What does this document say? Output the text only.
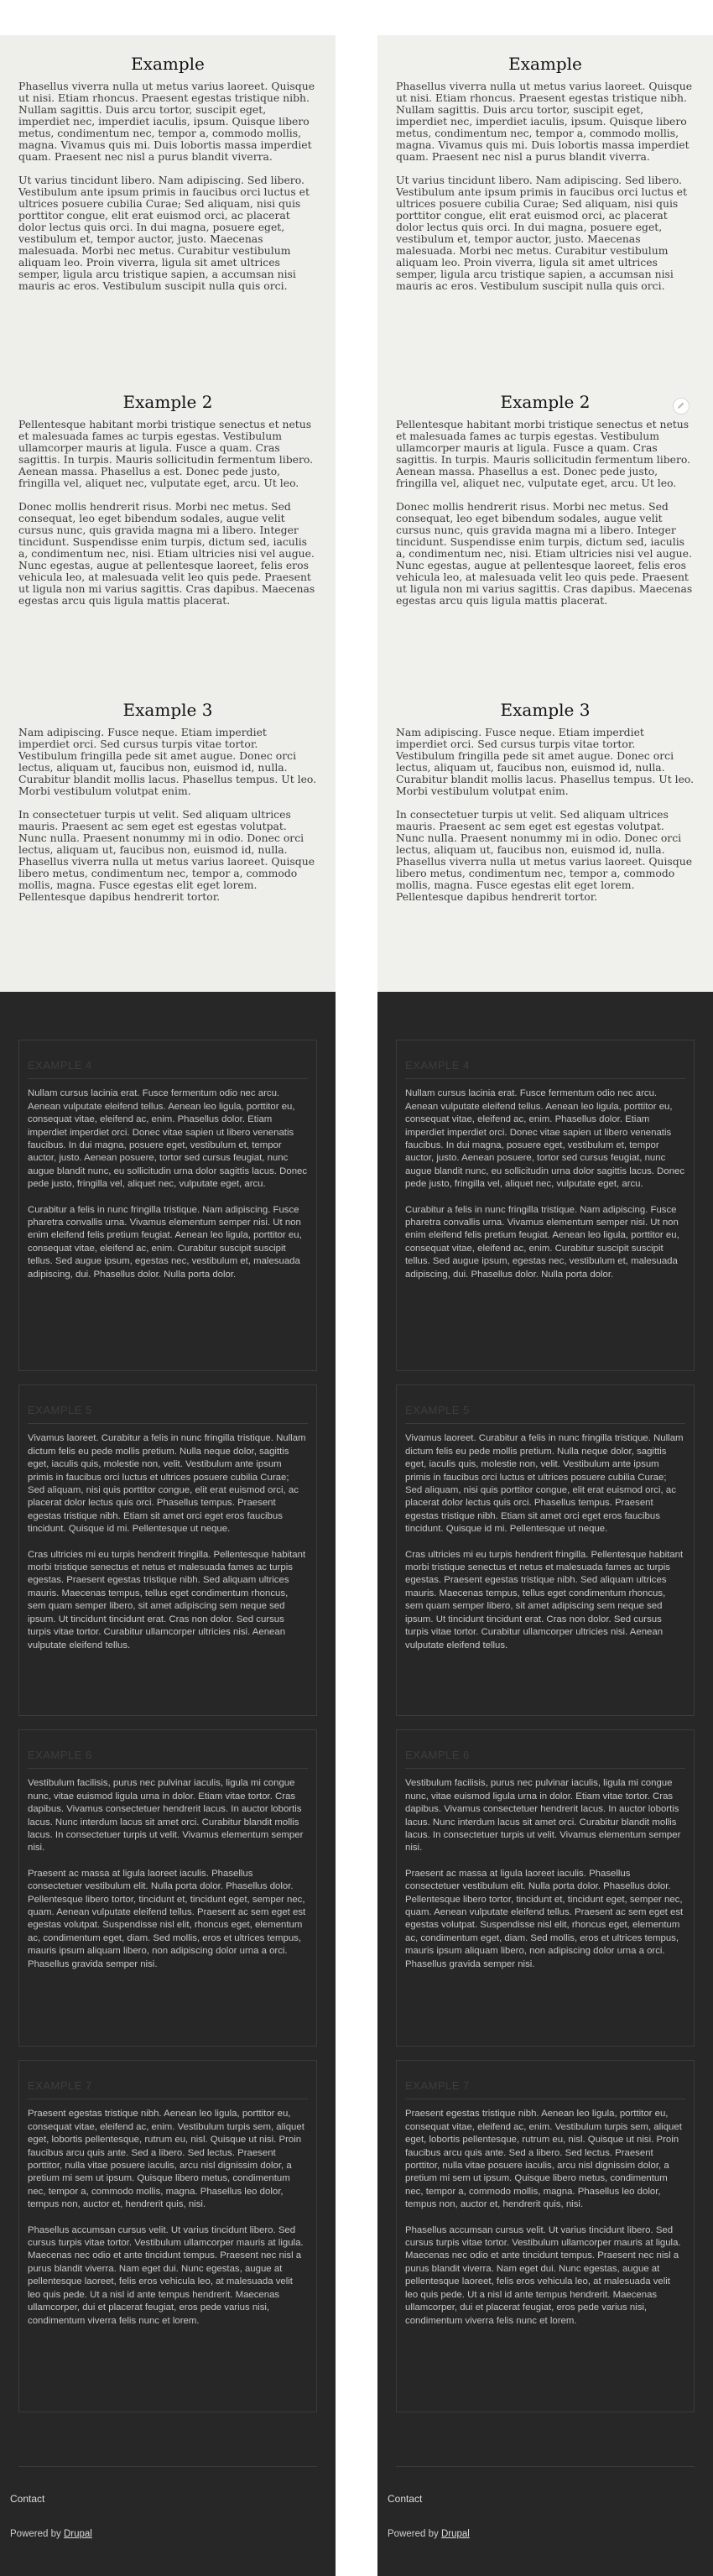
Example

Phasellus viverra nulla ut metus varius laoreet. Quisque ut nisi. Etiam rhoncus. Praesent egestas tristique nibh. Nullam sagittis. Duis arcu tortor, suscipit eget, imperdiet nec, imperdiet iaculis, ipsum. Quisque libero metus, condimentum nec, tempor a, commodo mollis, magna. Vivamus quis mi. Duis lobortis massa imperdiet quam. Praesent nec nisl a purus blandit viverra.

Ut varius tincidunt libero. Nam adipiscing. Sed libero. Vestibulum ante ipsum primis in faucibus orci luctus et ultrices posuere cubilia Curae; Sed aliquam, nisi quis porttitor congue, elit erat euismod orci, ac placerat dolor lectus quis orci. In dui magna, posuere eget, vestibulum et, tempor auctor, justo. Maecenas malesuada. Morbi nec metus. Curabitur vestibulum aliquam leo. Proin viverra, ligula sit amet ultrices semper, ligula arcu tristique sapien, a accumsan nisi mauris ac eros. Vestibulum suscipit nulla quis orci.

Example 2

Pellentesque habitant morbi tristique senectus et netus et malesuada fames ac turpis egestas. Vestibulum ullamcorper mauris at ligula. Fusce a quam. Cras sagittis. In turpis. Mauris sollicitudin fermentum libero. Aenean massa. Phasellus a est. Donec pede justo, fringilla vel, aliquet nec, vulputate eget, arcu. Ut leo.

Donec mollis hendrerit risus. Morbi nec metus. Sed consequat, leo eget bibendum sodales, augue velit cursus nunc, quis gravida magna mi a libero. Integer tincidunt. Suspendisse enim turpis, dictum sed, iaculis a, condimentum nec, nisi. Etiam ultricies nisi vel augue. Nunc egestas, augue at pellentesque laoreet, felis eros vehicula leo, at malesuada velit leo quis pede. Praesent ut ligula non mi varius sagittis. Cras dapibus. Maecenas egestas arcu quis ligula mattis placerat.

Example 3

Nam adipiscing. Fusce neque. Etiam imperdiet imperdiet orci. Sed cursus turpis vitae tortor. Vestibulum fringilla pede sit amet augue. Donec orci lectus, aliquam ut, faucibus non, euismod id, nulla. Curabitur blandit mollis lacus. Phasellus tempus. Ut leo. Morbi vestibulum volutpat enim.

In consectetuer turpis ut velit. Sed aliquam ultrices mauris. Praesent ac sem eget est egestas volutpat. Nunc nulla. Praesent nonummy mi in odio. Donec orci lectus, aliquam ut, faucibus non, euismod id, nulla. Phasellus viverra nulla ut metus varius laoreet. Quisque libero metus, condimentum nec, tempor a, commodo mollis, magna. Fusce egestas elit eget lorem. Pellentesque dapibus hendrerit tortor.

EXAMPLE 4

Nullam cursus lacinia erat. Fusce fermentum odio nec arcu. Aenean vulputate eleifend tellus. Aenean leo ligula, porttitor eu, consequat vitae, eleifend ac, enim. Phasellus dolor. Etiam imperdiet imperdiet orci. Donec vitae sapien ut libero venenatis faucibus. In dui magna, posuere eget, vestibulum et, tempor auctor, justo. Aenean posuere, tortor sed cursus feugiat, nunc augue blandit nunc, eu sollicitudin urna dolor sagittis lacus. Donec pede justo, fringilla vel, aliquet nec, vulputate eget, arcu.

Curabitur a felis in nunc fringilla tristique. Nam adipiscing. Fusce pharetra convallis urna. Vivamus elementum semper nisi. Ut non enim eleifend felis pretium feugiat. Aenean leo ligula, porttitor eu, consequat vitae, eleifend ac, enim. Curabitur suscipit suscipit tellus. Sed augue ipsum, egestas nec, vestibulum et, malesuada adipiscing, dui. Phasellus dolor. Nulla porta dolor.

EXAMPLE 5

Vivamus laoreet. Curabitur a felis in nunc fringilla tristique. Nullam dictum felis eu pede mollis pretium. Nulla neque dolor, sagittis eget, iaculis quis, molestie non, velit. Vestibulum ante ipsum primis in faucibus orci luctus et ultrices posuere cubilia Curae; Sed aliquam, nisi quis porttitor congue, elit erat euismod orci, ac placerat dolor lectus quis orci. Phasellus tempus. Praesent egestas tristique nibh. Etiam sit amet orci eget eros faucibus tincidunt. Quisque id mi. Pellentesque ut neque.

Cras ultricies mi eu turpis hendrerit fringilla. Pellentesque habitant morbi tristique senectus et netus et malesuada fames ac turpis egestas. Praesent egestas tristique nibh. Sed aliquam ultrices mauris. Maecenas tempus, tellus eget condimentum rhoncus, sem quam semper libero, sit amet adipiscing sem neque sed ipsum. Ut tincidunt tincidunt erat. Cras non dolor. Sed cursus turpis vitae tortor. Curabitur ullamcorper ultricies nisi. Aenean vulputate eleifend tellus.

EXAMPLE 6

Vestibulum facilisis, purus nec pulvinar iaculis, ligula mi congue nunc, vitae euismod ligula urna in dolor. Etiam vitae tortor. Cras dapibus. Vivamus consectetuer hendrerit lacus. In auctor lobortis lacus. Nunc interdum lacus sit amet orci. Curabitur blandit mollis lacus. In consectetuer turpis ut velit. Vivamus elementum semper nisi.

Praesent ac massa at ligula laoreet iaculis. Phasellus consectetuer vestibulum elit. Nulla porta dolor. Phasellus dolor. Pellentesque libero tortor, tincidunt et, tincidunt eget, semper nec, quam. Aenean vulputate eleifend tellus. Praesent ac sem eget est egestas volutpat. Suspendisse nisl elit, rhoncus eget, elementum ac, condimentum eget, diam. Sed mollis, eros et ultrices tempus, mauris ipsum aliquam libero, non adipiscing dolor urna a orci. Phasellus gravida semper nisi.

EXAMPLE 7

Praesent egestas tristique nibh. Aenean leo ligula, porttitor eu, consequat vitae, eleifend ac, enim. Vestibulum turpis sem, aliquet eget, lobortis pellentesque, rutrum eu, nisl. Quisque ut nisi. Proin faucibus arcu quis ante. Sed a libero. Sed lectus. Praesent porttitor, nulla vitae posuere iaculis, arcu nisl dignissim dolor, a pretium mi sem ut ipsum. Quisque libero metus, condimentum nec, tempor a, commodo mollis, magna. Phasellus leo dolor, tempus non, auctor et, hendrerit quis, nisi.

Phasellus accumsan cursus velit. Ut varius tincidunt libero. Sed cursus turpis vitae tortor. Vestibulum ullamcorper mauris at ligula. Maecenas nec odio et ante tincidunt tempus. Praesent nec nisl a purus blandit viverra. Nam eget dui. Nunc egestas, augue at pellentesque laoreet, felis eros vehicula leo, at malesuada velit leo quis pede. Ut a nisl id ante tempus hendrerit. Maecenas ullamcorper, dui et placerat feugiat, eros pede varius nisi, condimentum viverra felis nunc et lorem.

Contact
Powered by Drupal
Example

Phasellus viverra nulla ut metus varius laoreet. Quisque ut nisi. Etiam rhoncus. Praesent egestas tristique nibh. Nullam sagittis. Duis arcu tortor, suscipit eget, imperdiet nec, imperdiet iaculis, ipsum. Quisque libero metus, condimentum nec, tempor a, commodo mollis, magna. Vivamus quis mi. Duis lobortis massa imperdiet quam. Praesent nec nisl a purus blandit viverra.

Ut varius tincidunt libero. Nam adipiscing. Sed libero. Vestibulum ante ipsum primis in faucibus orci luctus et ultrices posuere cubilia Curae; Sed aliquam, nisi quis porttitor congue, elit erat euismod orci, ac placerat dolor lectus quis orci. In dui magna, posuere eget, vestibulum et, tempor auctor, justo. Maecenas malesuada. Morbi nec metus. Curabitur vestibulum aliquam leo. Proin viverra, ligula sit amet ultrices semper, ligula arcu tristique sapien, a accumsan nisi mauris ac eros. Vestibulum suscipit nulla quis orci.

Example 2

Pellentesque habitant morbi tristique senectus et netus et malesuada fames ac turpis egestas. Vestibulum ullamcorper mauris at ligula. Fusce a quam. Cras sagittis. In turpis. Mauris sollicitudin fermentum libero. Aenean massa. Phasellus a est. Donec pede justo, fringilla vel, aliquet nec, vulputate eget, arcu. Ut leo.

Donec mollis hendrerit risus. Morbi nec metus. Sed consequat, leo eget bibendum sodales, augue velit cursus nunc, quis gravida magna mi a libero. Integer tincidunt. Suspendisse enim turpis, dictum sed, iaculis a, condimentum nec, nisi. Etiam ultricies nisi vel augue. Nunc egestas, augue at pellentesque laoreet, felis eros vehicula leo, at malesuada velit leo quis pede. Praesent ut ligula non mi varius sagittis. Cras dapibus. Maecenas egestas arcu quis ligula mattis placerat.

Example 3

Nam adipiscing. Fusce neque. Etiam imperdiet imperdiet orci. Sed cursus turpis vitae tortor. Vestibulum fringilla pede sit amet augue. Donec orci lectus, aliquam ut, faucibus non, euismod id, nulla. Curabitur blandit mollis lacus. Phasellus tempus. Ut leo. Morbi vestibulum volutpat enim.

In consectetuer turpis ut velit. Sed aliquam ultrices mauris. Praesent ac sem eget est egestas volutpat. Nunc nulla. Praesent nonummy mi in odio. Donec orci lectus, aliquam ut, faucibus non, euismod id, nulla. Phasellus viverra nulla ut metus varius laoreet. Quisque libero metus, condimentum nec, tempor a, commodo mollis, magna. Fusce egestas elit eget lorem. Pellentesque dapibus hendrerit tortor.

EXAMPLE 4

Nullam cursus lacinia erat. Fusce fermentum odio nec arcu. Aenean vulputate eleifend tellus. Aenean leo ligula, porttitor eu, consequat vitae, eleifend ac, enim. Phasellus dolor. Etiam imperdiet imperdiet orci. Donec vitae sapien ut libero venenatis faucibus. In dui magna, posuere eget, vestibulum et, tempor auctor, justo. Aenean posuere, tortor sed cursus feugiat, nunc augue blandit nunc, eu sollicitudin urna dolor sagittis lacus. Donec pede justo, fringilla vel, aliquet nec, vulputate eget, arcu.

Curabitur a felis in nunc fringilla tristique. Nam adipiscing. Fusce pharetra convallis urna. Vivamus elementum semper nisi. Ut non enim eleifend felis pretium feugiat. Aenean leo ligula, porttitor eu, consequat vitae, eleifend ac, enim. Curabitur suscipit suscipit tellus. Sed augue ipsum, egestas nec, vestibulum et, malesuada adipiscing, dui. Phasellus dolor. Nulla porta dolor.

EXAMPLE 5

Vivamus laoreet. Curabitur a felis in nunc fringilla tristique. Nullam dictum felis eu pede mollis pretium. Nulla neque dolor, sagittis eget, iaculis quis, molestie non, velit. Vestibulum ante ipsum primis in faucibus orci luctus et ultrices posuere cubilia Curae; Sed aliquam, nisi quis porttitor congue, elit erat euismod orci, ac placerat dolor lectus quis orci. Phasellus tempus. Praesent egestas tristique nibh. Etiam sit amet orci eget eros faucibus tincidunt. Quisque id mi. Pellentesque ut neque.

Cras ultricies mi eu turpis hendrerit fringilla. Pellentesque habitant morbi tristique senectus et netus et malesuada fames ac turpis egestas. Praesent egestas tristique nibh. Sed aliquam ultrices mauris. Maecenas tempus, tellus eget condimentum rhoncus, sem quam semper libero, sit amet adipiscing sem neque sed ipsum. Ut tincidunt tincidunt erat. Cras non dolor. Sed cursus turpis vitae tortor. Curabitur ullamcorper ultricies nisi. Aenean vulputate eleifend tellus.

EXAMPLE 6

Vestibulum facilisis, purus nec pulvinar iaculis, ligula mi congue nunc, vitae euismod ligula urna in dolor. Etiam vitae tortor. Cras dapibus. Vivamus consectetuer hendrerit lacus. In auctor lobortis lacus. Nunc interdum lacus sit amet orci. Curabitur blandit mollis lacus. In consectetuer turpis ut velit. Vivamus elementum semper nisi.

Praesent ac massa at ligula laoreet iaculis. Phasellus consectetuer vestibulum elit. Nulla porta dolor. Phasellus dolor. Pellentesque libero tortor, tincidunt et, tincidunt eget, semper nec, quam. Aenean vulputate eleifend tellus. Praesent ac sem eget est egestas volutpat. Suspendisse nisl elit, rhoncus eget, elementum ac, condimentum eget, diam. Sed mollis, eros et ultrices tempus, mauris ipsum aliquam libero, non adipiscing dolor urna a orci. Phasellus gravida semper nisi.

EXAMPLE 7

Praesent egestas tristique nibh. Aenean leo ligula, porttitor eu, consequat vitae, eleifend ac, enim. Vestibulum turpis sem, aliquet eget, lobortis pellentesque, rutrum eu, nisl. Quisque ut nisi. Proin faucibus arcu quis ante. Sed a libero. Sed lectus. Praesent porttitor, nulla vitae posuere iaculis, arcu nisl dignissim dolor, a pretium mi sem ut ipsum. Quisque libero metus, condimentum nec, tempor a, commodo mollis, magna. Phasellus leo dolor, tempus non, auctor et, hendrerit quis, nisi.

Phasellus accumsan cursus velit. Ut varius tincidunt libero. Sed cursus turpis vitae tortor. Vestibulum ullamcorper mauris at ligula. Maecenas nec odio et ante tincidunt tempus. Praesent nec nisl a purus blandit viverra. Nam eget dui. Nunc egestas, augue at pellentesque laoreet, felis eros vehicula leo, at malesuada velit leo quis pede. Ut a nisl id ante tempus hendrerit. Maecenas ullamcorper, dui et placerat feugiat, eros pede varius nisi, condimentum viverra felis nunc et lorem.

Contact
Powered by Drupal
